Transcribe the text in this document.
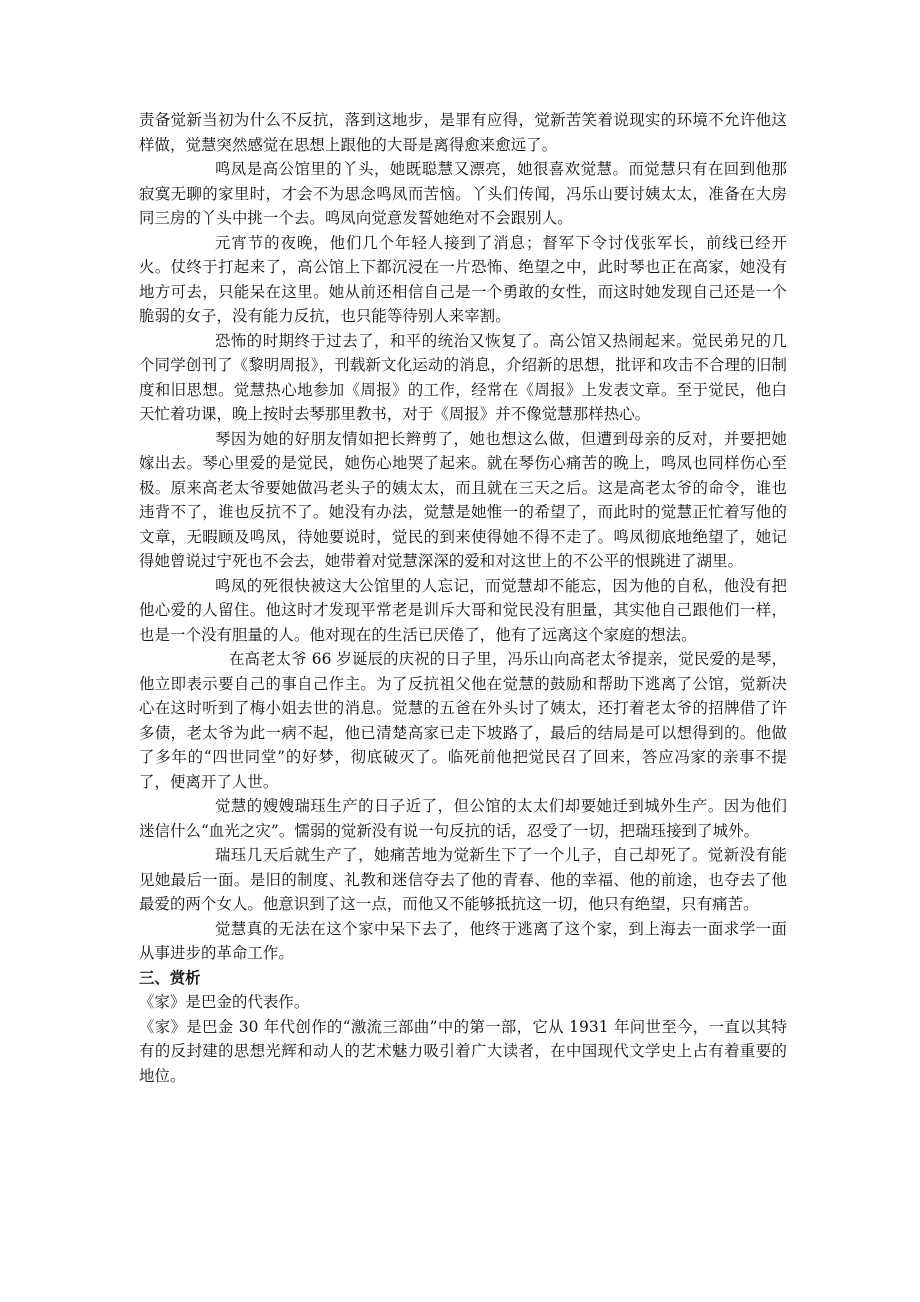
责备觉新当初为什么不反抗，落到这地步，是罪有应得，觉新苦笑着说现实的环境不允许他这样做，觉慧突然感觉在思想上跟他的大哥是离得愈来愈远了。

鸣凤是高公馆里的丫头，她既聪慧又漂亮，她很喜欢觉慧。而觉慧只有在回到他那寂寞无聊的家里时，才会不为思念鸣凤而苦恼。丫头们传闻，冯乐山要讨姨太太，准备在大房同三房的丫头中挑一个去。鸣凤向觉意发誓她绝对不会跟别人。

元宵节的夜晚，他们几个年轻人接到了消息；督军下令讨伐张军长，前线已经开火。仗终于打起来了，高公馆上下都沉浸在一片恐怖、绝望之中，此时琴也正在高家，她没有地方可去，只能呆在这里。她从前还相信自己是一个勇敢的女性，而这时她发现自己还是一个脆弱的女子，没有能力反抗，也只能等待别人来宰割。

恐怖的时期终于过去了，和平的统治又恢复了。高公馆又热闹起来。觉民弟兄的几个同学创刊了《黎明周报》，刊载新文化运动的消息，介绍新的思想，批评和攻击不合理的旧制度和旧思想。觉慧热心地参加《周报》的工作，经常在《周报》上发表文章。至于觉民，他白天忙着功课，晚上按时去琴那里教书，对于《周报》并不像觉慧那样热心。

琴因为她的好朋友情如把长辫剪了，她也想这么做，但遭到母亲的反对，并要把她嫁出去。琴心里爱的是觉民，她伤心地哭了起来。就在琴伤心痛苦的晚上，鸣凤也同样伤心至极。原来高老太爷要她做冯老头子的姨太太，而且就在三天之后。这是高老太爷的命令，谁也违背不了，谁也反抗不了。她没有办法，觉慧是她惟一的希望了，而此时的觉慧正忙着写他的文章，无暇顾及鸣凤，待她要说时，觉民的到来使得她不得不走了。鸣凤彻底地绝望了，她记得她曾说过宁死也不会去，她带着对觉慧深深的爱和对这世上的不公平的恨跳进了湖里。

鸣凤的死很快被这大公馆里的人忘记，而觉慧却不能忘，因为他的自私，他没有把他心爱的人留住。他这时才发现平常老是训斥大哥和觉民没有胆量，其实他自己跟他们一样，也是一个没有胆量的人。他对现在的生活已厌倦了，他有了远离这个家庭的想法。

在高老太爷 66 岁诞辰的庆祝的日子里，冯乐山向高老太爷提亲，觉民爱的是琴，他立即表示要自己的事自己作主。为了反抗祖父他在觉慧的鼓励和帮助下逃离了公馆，觉新决心在这时听到了梅小姐去世的消息。觉慧的五爸在外头讨了姨太，还打着老太爷的招牌借了许多债，老太爷为此一病不起，他已清楚高家已走下坡路了，最后的结局是可以想得到的。他做了多年的“四世同堂”的好梦，彻底破灭了。临死前他把觉民召了回来，答应冯家的亲事不提了，便离开了人世。

觉慧的嫂嫂瑞珏生产的日子近了，但公馆的太太们却要她迁到城外生产。因为他们迷信什么“血光之灾”。懦弱的觉新没有说一句反抗的话，忍受了一切，把瑞珏接到了城外。

瑞珏几天后就生产了，她痛苦地为觉新生下了一个儿子，自己却死了。觉新没有能见她最后一面。是旧的制度、礼教和迷信夺去了他的青春、他的幸福、他的前途，也夺去了他最爱的两个女人。他意识到了这一点，而他又不能够抵抗这一切，他只有绝望，只有痛苦。

觉慧真的无法在这个家中呆下去了，他终于逃离了这个家，到上海去一面求学一面从事进步的革命工作。

三、赏析

《家》是巴金的代表作。

《家》是巴金 30 年代创作的“激流三部曲”中的第一部，它从 1931 年问世至今，一直以其特有的反封建的思想光辉和动人的艺术魅力吸引着广大读者，在中国现代文学史上占有着重要的地位。
